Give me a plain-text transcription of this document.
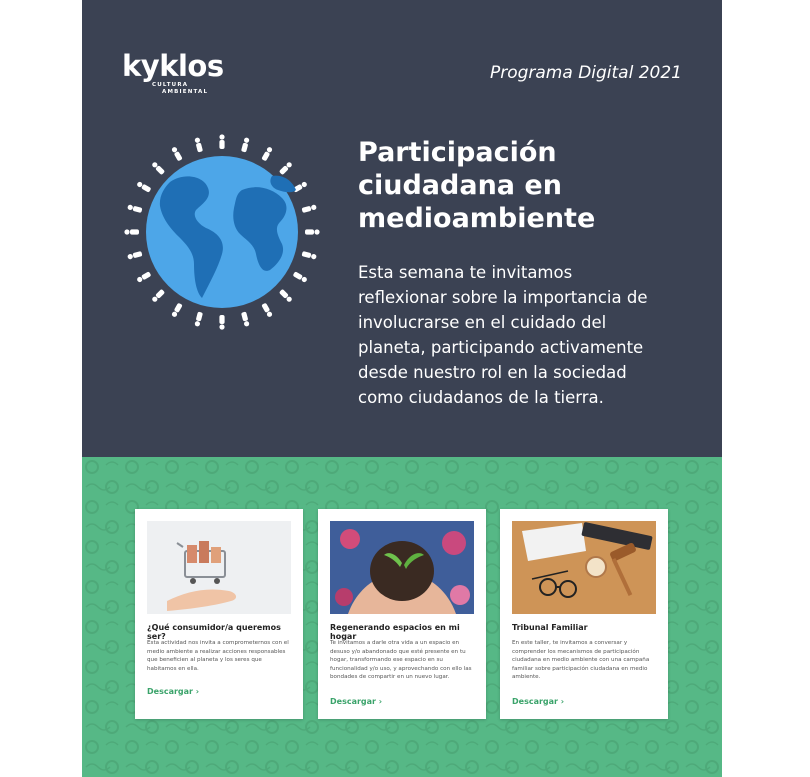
kyklos
CULTURA
AMBIENTAL
Programa Digital 2021
Participación
ciudadana en
medioambiente

Esta semana te invitamos reflexionar sobre la importancia de involucrarse en el cuidado del planeta, participando activamente desde nuestro rol en la sociedad como ciudadanos de la tierra.

¿Qué consumidor/a queremos ser?
Esta actividad nos invita a comprometernos con el medio ambiente a realizar acciones responsables que beneficien al planeta y los seres que habitamos en ella.
Descargar ›
Regenerando espacios en mi hogar
Te invitamos a darle otra vida a un espacio en desuso y/o abandonado que esté presente en tu hogar, transformando ese espacio en su funcionalidad y/o uso, y aprovechando con ello las bondades de compartir en un nuevo lugar.
Descargar ›
Tribunal Familiar
En este taller, te invitamos a conversar y comprender los mecanismos de participación ciudadana en medio ambiente con una campaña familiar sobre participación ciudadana en medio ambiente.
Descargar ›
